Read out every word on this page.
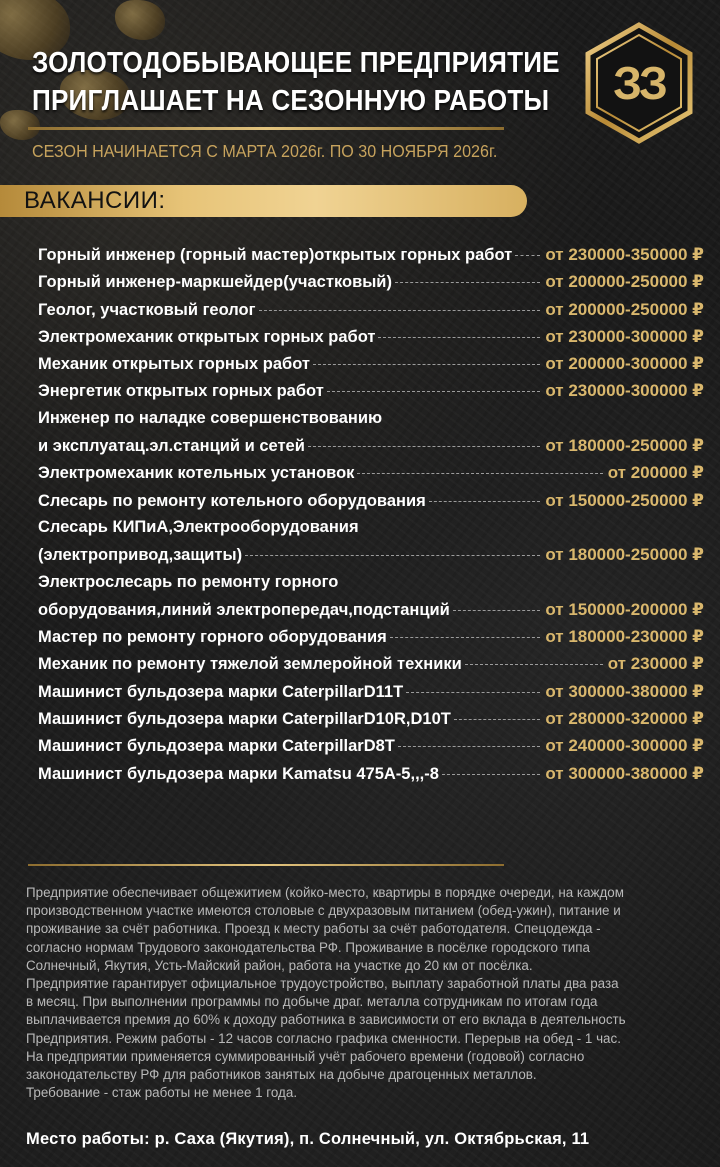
ЗОЛОТОДОБЫВАЮЩЕЕ ПРЕДПРИЯТИЕ
ПРИГЛАШАЕТ НА СЕЗОННУЮ РАБОТЫ	ЗЗ
СЕЗОН НАЧИНАЕТСЯ С МАРТА 2026г. ПО 30 НОЯБРЯ 2026г.
ВАКАНСИИ:
Горный инженер (горный мастер)открытых горных работ от 230000-350000 ₽
Горный инженер-маркшейдер(участковый)	от 200000-250000 ₽
Геолог, участковый геолог	от 200000-250000 ₽
Электромеханик открытых горных работ	от 230000-300000 ₽
Механик открытых горных работ	от 200000-300000 ₽
Энергетик открытых горных работ	от 230000-300000 ₽
Инженер по наладке совершенствованию
и эксплуатац.эл.станций и сетей	от 180000-250000 ₽
Электромеханик котельных установок	от 200000 ₽
Слесарь по ремонту котельного оборудования	от 150000-250000 ₽
Слесарь КИПиА,Электрооборудования
(электропривод,защиты)	от 180000-250000 ₽
Электрослесарь по ремонту горного
оборудования,линий электропередач,подстанций	от 150000-200000 ₽
Мастер по ремонту горного оборудования	от 180000-230000 ₽
Механик по ремонту тяжелой землеройной техники	от 230000 ₽
Машинист бульдозера марки CaterpillarD11T	от 300000-380000 ₽
Машинист бульдозера марки CaterpillarD10R,D10T	от 280000-320000 ₽
Машинист бульдозера марки CaterpillarD8T	от 240000-300000 ₽
Машинист бульдозера марки Kamatsu 475A-5,,,-8	от 300000-380000 ₽
Предприятие обеспечивает общежитием (койко-место, квартиры в порядке очереди, на каждом
производственном участке имеются столовые с двухразовым питанием (обед-ужин), питание и
проживание за счёт работника. Проезд к месту работы за счёт работодателя. Спецодежда -
согласно нормам Трудового законодательства РФ. Проживание в посёлке городского типа
Солнечный, Якутия, Усть-Майский район, работа на участке до 20 км от посёлка.
Предприятие гарантирует официальное трудоустройство, выплату заработной платы два раза
в месяц. При выполнении программы по добыче драг. металла сотрудникам по итогам года
выплачивается премия до 60% к доходу работника в зависимости от его вклада в деятельность
Предприятия. Режим работы - 12 часов согласно графика сменности. Перерыв на обед - 1 час.
На предприятии применяется суммированный учёт рабочего времени (годовой) согласно
законодательству РФ для работников занятых на добыче драгоценных металлов.
Требование - стаж работы не менее 1 года.
Место работы: р. Саха (Якутия), п. Солнечный, ул. Октябрьская, 11
